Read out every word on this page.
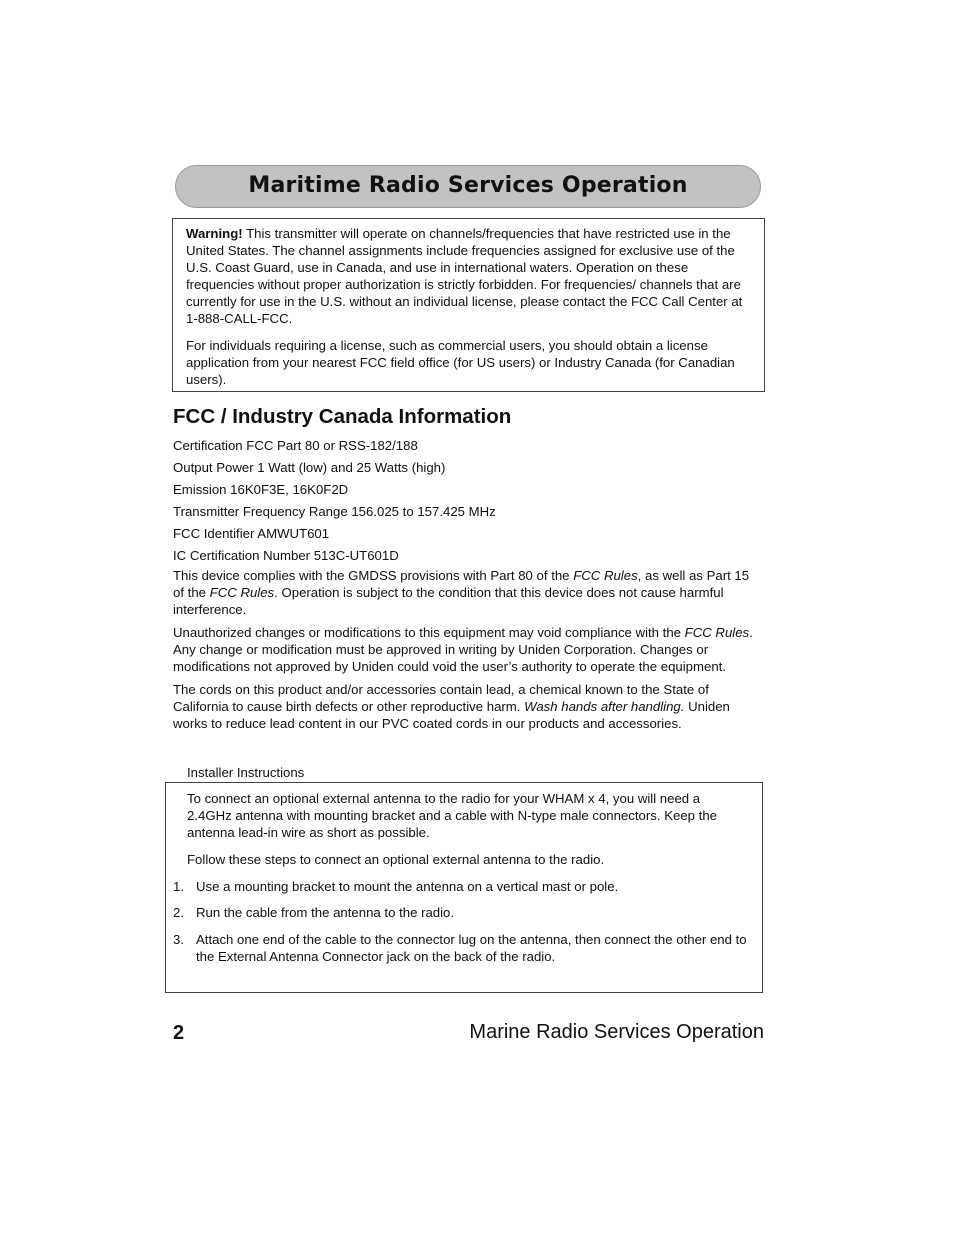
Maritime Radio Services Operation

Warning! This transmitter will operate on channels/frequencies that have restricted use in the United States. The channel assignments include frequencies assigned for exclusive use of the U.S. Coast Guard, use in Canada, and use in international waters. Operation on these frequencies without proper authorization is strictly forbidden. For frequencies/ channels that are currently for use in the U.S. without an individual license, please contact the FCC Call Center at 1-888-CALL-FCC.

For individuals requiring a license, such as commercial users, you should obtain a license application from your nearest FCC field office (for US users) or Industry Canada (for Canadian users).

FCC / Industry Canada Information
Certification FCC Part 80 or RSS-182/188
Output Power 1 Watt (low) and 25 Watts (high)
Emission 16K0F3E, 16K0F2D
Transmitter Frequency Range 156.025 to 157.425 MHz
FCC Identifier AMWUT601
IC Certification Number 513C-UT601D

This device complies with the GMDSS provisions with Part 80 of the FCC Rules, as well as Part 15 of the FCC Rules. Operation is subject to the condition that this device does not cause harmful interference.

Unauthorized changes or modifications to this equipment may void compliance with the FCC Rules. Any change or modification must be approved in writing by Uniden Corporation. Changes or modifications not approved by Uniden could void the user’s authority to operate the equipment.

The cords on this product and/or accessories contain lead, a chemical known to the State of California to cause birth defects or other reproductive harm. Wash hands after handling. Uniden works to reduce lead content in our PVC coated cords in our products and accessories.

Installer Instructions

To connect an optional external antenna to the radio for your WHAM x 4, you will need a 2.4GHz antenna with mounting bracket and a cable with N-type male connectors. Keep the antenna lead-in wire as short as possible.

Follow these steps to connect an optional external antenna to the radio.

1. Use a mounting bracket to mount the antenna on a vertical mast or pole.
2. Run the cable from the antenna to the radio.
3. Attach one end of the cable to the connector lug on the antenna, then connect the other end to the External Antenna Connector jack on the back of the radio.
2	Marine Radio Services Operation
